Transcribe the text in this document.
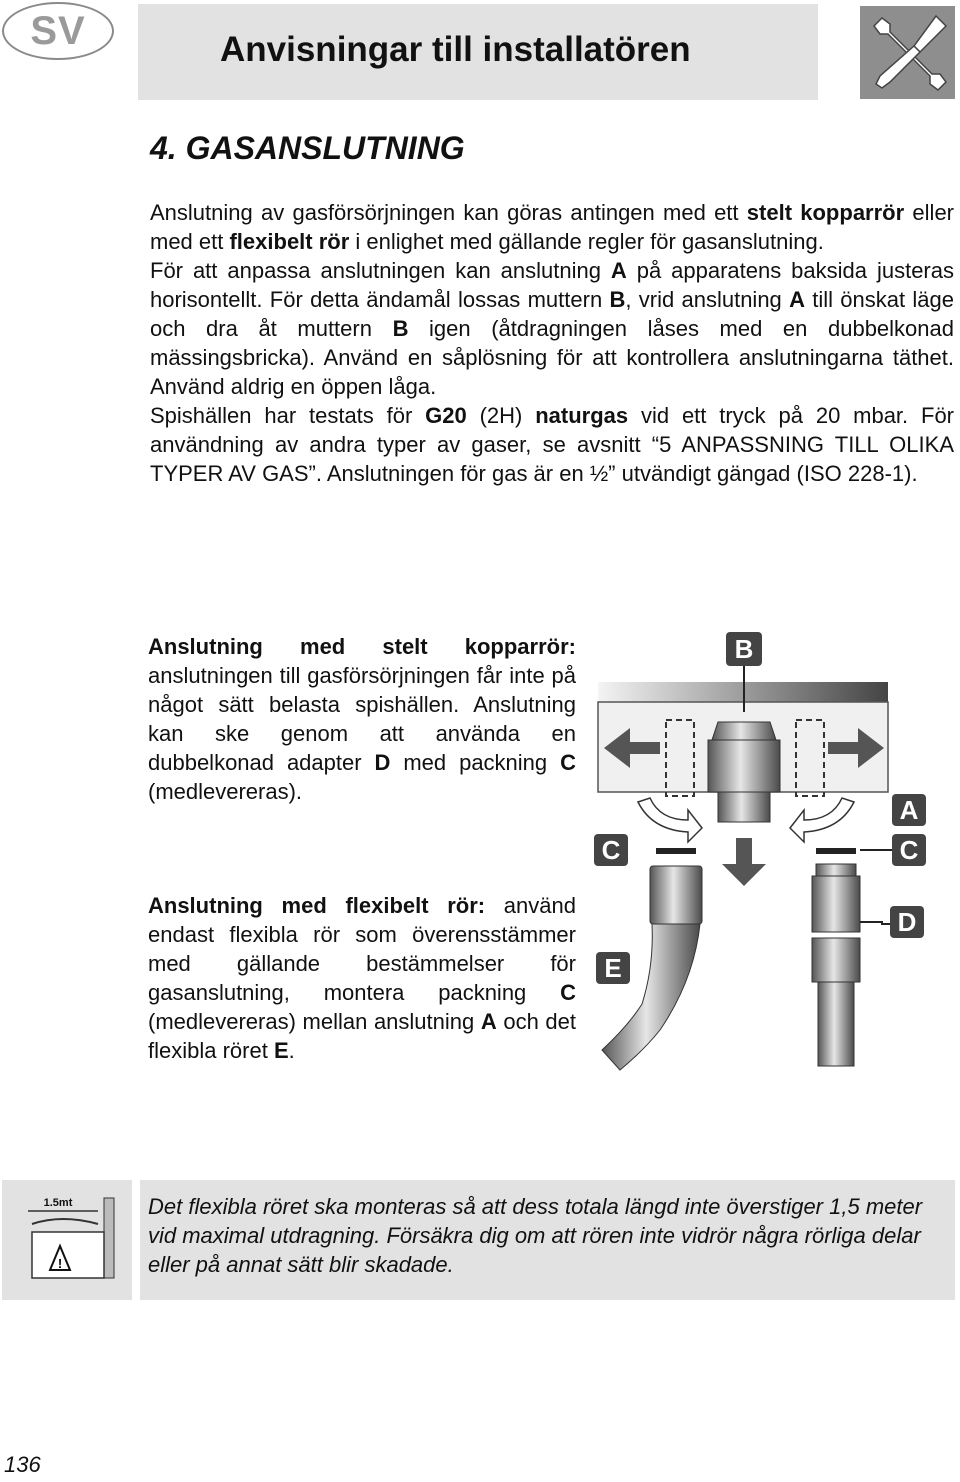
SV	Anvisningar till installatören
4. GASANSLUTNING

Anslutning av gasförsörjningen kan göras antingen med ett stelt kopparrör eller med ett flexibelt rör i enlighet med gällande regler för gasanslutning.

För att anpassa anslutningen kan anslutning A på apparatens baksida justeras horisontellt. För detta ändamål lossas muttern B, vrid anslutning A till önskat läge och dra åt muttern B igen (åtdragningen låses med en dubbelkonad mässingsbricka). Använd en såplösning för att kontrollera anslutningarna täthet. Använd aldrig en öppen låga.

Spishällen har testats för G20 (2H) naturgas vid ett tryck på 20 mbar. För användning av andra typer av gaser, se avsnitt “5 ANPASSNING TILL OLIKA TYPER AV GAS”. Anslutningen för gas är en ½” utvändigt gängad (ISO 228-1).

Anslutning med stelt kopparrör: anslutningen till gasförsörjningen får inte på något sätt belasta spishällen. Anslutning kan ske genom att använda en dubbelkonad adapter D med packning C (medlevereras).

Anslutning med flexibelt rör: använd endast flexibla rör som överensstämmer med gällande bestämmelser för gasanslutning, montera packning C (medlevereras) mellan anslutning A och det flexibla röret E.

B
A
C
C
E
D
1.5mt
!

Det flexibla röret ska monteras så att dess totala längd inte överstiger 1,5 meter vid maximal utdragning. Försäkra dig om att rören inte vidrör några rörliga delar eller på annat sätt blir skadade.

136
